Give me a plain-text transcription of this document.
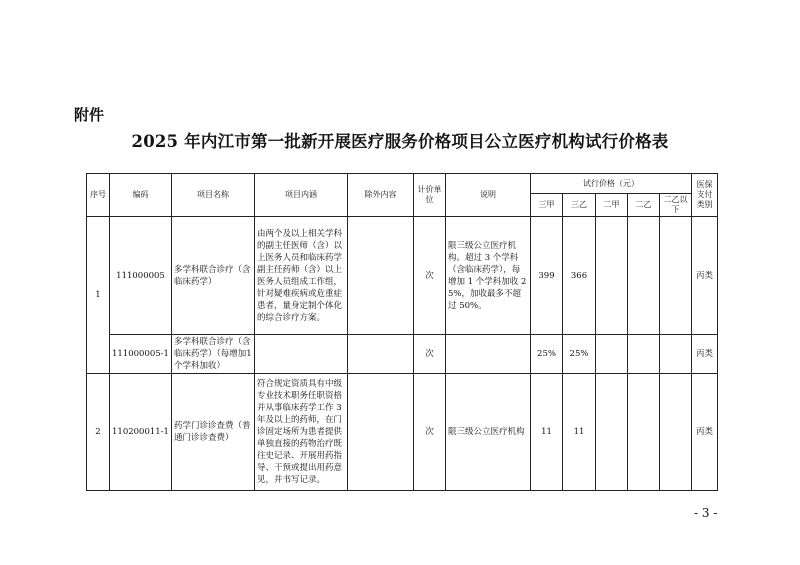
附件
2025 年内江市第一批新开展医疗服务价格项目公立医疗机构试行价格表
序号	编码	项目名称	项目内涵	除外内容	计价单位	说明	试行价格（元）					医保支付类别
							三甲	三乙	二甲	二乙	二乙以下	
1	111000005	多学科联合诊疗（含临床药学）	由两个及以上相关学科的副主任医师（含）以上医务人员和临床药学副主任药师（含）以上医务人员组成工作组，针对疑难疾病或危重症患者，量身定制个体化的综合诊疗方案。		次	限三级公立医疗机构。超过 3 个学科（含临床药学），每增加 1 个学科加收 25%，加收最多不超过 50%。	399	366				丙类
	111000005-1	多学科联合诊疗（含临床药学）（每增加1个学科加收）			次		25%	25%				丙类
2	110200011-1	药学门诊诊查费（普通门诊诊查费）	符合规定资质具有中级专业技术职务任职资格并从事临床药学工作 3 年及以上的药师，在门诊固定场所为患者提供单独直接的药物治疗既往史记录、开展用药指导、干预或提出用药意见，并书写记录。		次	限三级公立医疗机构	11	11				丙类
- 3 -
